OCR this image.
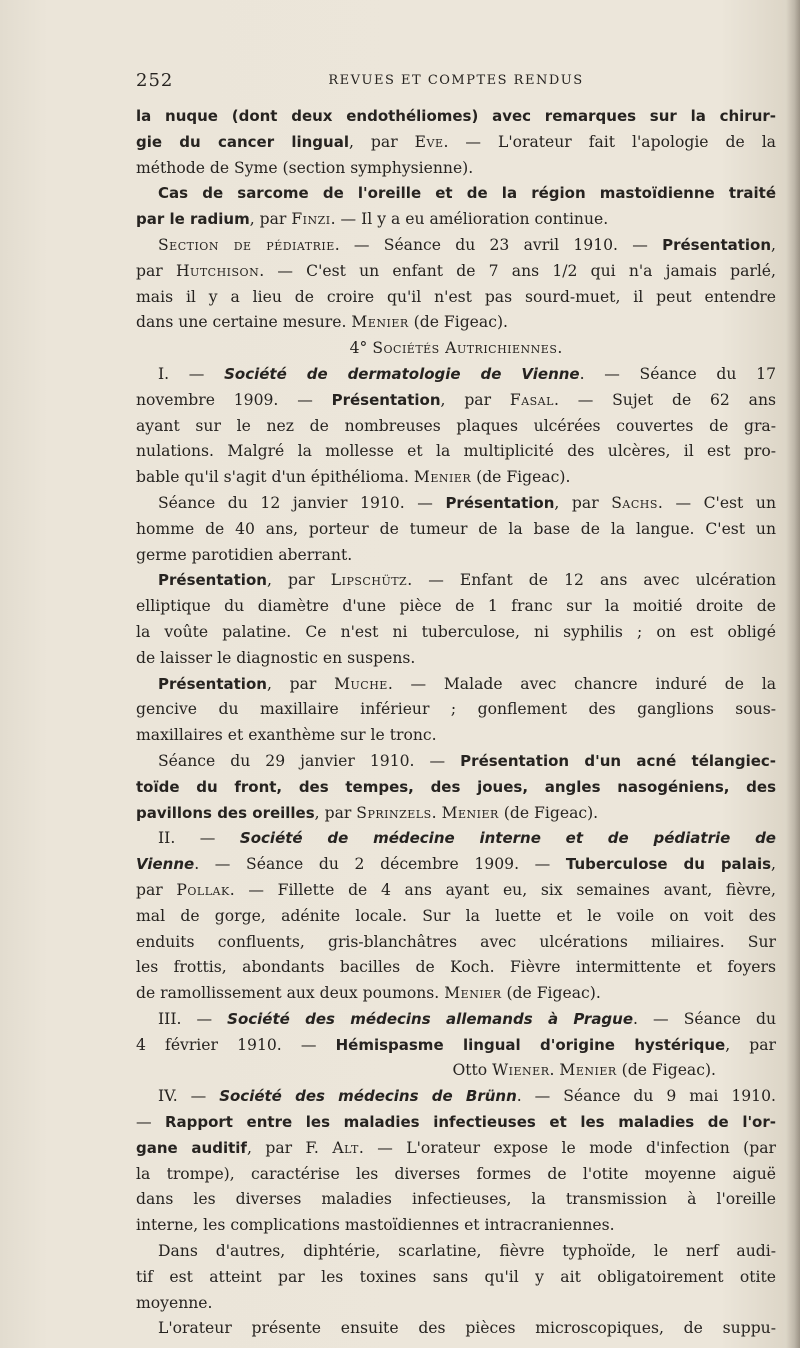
252	REVUES ET COMPTES RENDUS
la nuque (dont deux endothéliomes) avec remarques sur la chirur-
gie du cancer lingual, par Eve. — L'orateur fait l'apologie de la
méthode de Syme (section symphysienne).
Cas de sarcome de l'oreille et de la région mastoïdienne traité
par le radium, par Finzi. — Il y a eu amélioration continue.
Section de pédiatrie. — Séance du 23 avril 1910. — Présentation,
par Hutchison. — C'est un enfant de 7 ans 1/2 qui n'a jamais parlé,
mais il y a lieu de croire qu'il n'est pas sourd-muet, il peut entendre
dans une certaine mesure. Menier (de Figeac).
4° Sociétés Autrichiennes.
I. — Société de dermatologie de Vienne. — Séance du 17
novembre 1909. — Présentation, par Fasal. — Sujet de 62 ans
ayant sur le nez de nombreuses plaques ulcérées couvertes de gra-
nulations. Malgré la mollesse et la multiplicité des ulcères, il est pro-
bable qu'il s'agit d'un épithélioma. Menier (de Figeac).
Séance du 12 janvier 1910. — Présentation, par Sachs. — C'est un
homme de 40 ans, porteur de tumeur de la base de la langue. C'est un
germe parotidien aberrant.
Présentation, par Lipschütz. — Enfant de 12 ans avec ulcération
elliptique du diamètre d'une pièce de 1 franc sur la moitié droite de
la voûte palatine. Ce n'est ni tuberculose, ni syphilis ; on est obligé
de laisser le diagnostic en suspens.
Présentation, par Muche. — Malade avec chancre induré de la
gencive du maxillaire inférieur ; gonflement des ganglions sous-
maxillaires et exanthème sur le tronc.
Séance du 29 janvier 1910. — Présentation d'un acné télangiec-
toïde du front, des tempes, des joues, angles nasogéniens, des
pavillons des oreilles, par Sprinzels. Menier (de Figeac).
II. — Société de médecine interne et de pédiatrie de
Vienne. — Séance du 2 décembre 1909. — Tuberculose du palais,
par Pollak. — Fillette de 4 ans ayant eu, six semaines avant, fièvre,
mal de gorge, adénite locale. Sur la luette et le voile on voit des
enduits confluents, gris-blanchâtres avec ulcérations miliaires. Sur
les frottis, abondants bacilles de Koch. Fièvre intermittente et foyers
de ramollissement aux deux poumons. Menier (de Figeac).
III. — Société des médecins allemands à Prague. — Séance du
4 février 1910. — Hémispasme lingual d'origine hystérique, par
Otto Wiener. Menier (de Figeac).
IV. — Société des médecins de Brünn. — Séance du 9 mai 1910.
— Rapport entre les maladies infectieuses et les maladies de l'or-
gane auditif, par F. Alt. — L'orateur expose le mode d'infection (par
la trompe), caractérise les diverses formes de l'otite moyenne aiguë
dans les diverses maladies infectieuses, la transmission à l'oreille
interne, les complications mastoïdiennes et intracraniennes.
Dans d'autres, diphtérie, scarlatine, fièvre typhoïde, le nerf audi-
tif est atteint par les toxines sans qu'il y ait obligatoirement otite
moyenne.
L'orateur présente ensuite des pièces microscopiques, de suppu-
